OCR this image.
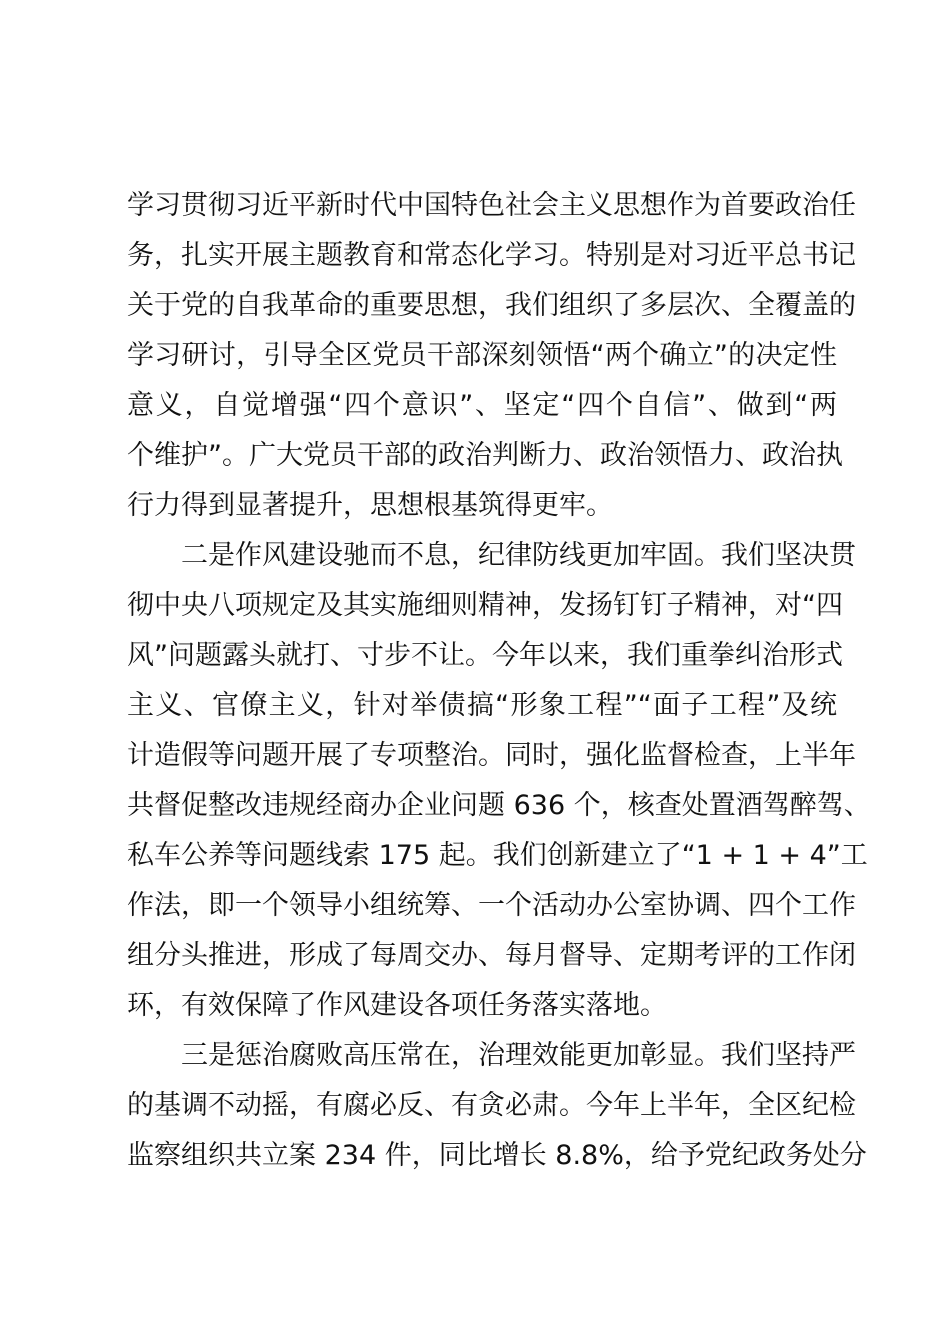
学习贯彻习近平新时代中国特色社会主义思想作为首要政治任
务，扎实开展主题教育和常态化学习。特别是对习近平总书记
关于党的自我革命的重要思想，我们组织了多层次、全覆盖的
学习研讨，引导全区党员干部深刻领悟“两个确立”的决定性
意义，自觉增强“四个意识”、坚定“四个自信”、做到“两
个维护”。广大党员干部的政治判断力、政治领悟力、政治执
行力得到显著提升，思想根基筑得更牢。
二是作风建设驰而不息，纪律防线更加牢固。我们坚决贯
彻中央八项规定及其实施细则精神，发扬钉钉子精神，对“四
风”问题露头就打、寸步不让。今年以来，我们重拳纠治形式
主义、官僚主义，针对举债搞“形象工程”“面子工程”及统
计造假等问题开展了专项整治。同时，强化监督检查，上半年
共督促整改违规经商办企业问题 636 个，核查处置酒驾醉驾、
私车公养等问题线索 175 起。我们创新建立了“1 + 1 + 4”工
作法，即一个领导小组统筹、一个活动办公室协调、四个工作
组分头推进，形成了每周交办、每月督导、定期考评的工作闭
环，有效保障了作风建设各项任务落实落地。
三是惩治腐败高压常在，治理效能更加彰显。我们坚持严
的基调不动摇，有腐必反、有贪必肃。今年上半年，全区纪检
监察组织共立案 234 件，同比增长 8.8%，给予党纪政务处分
